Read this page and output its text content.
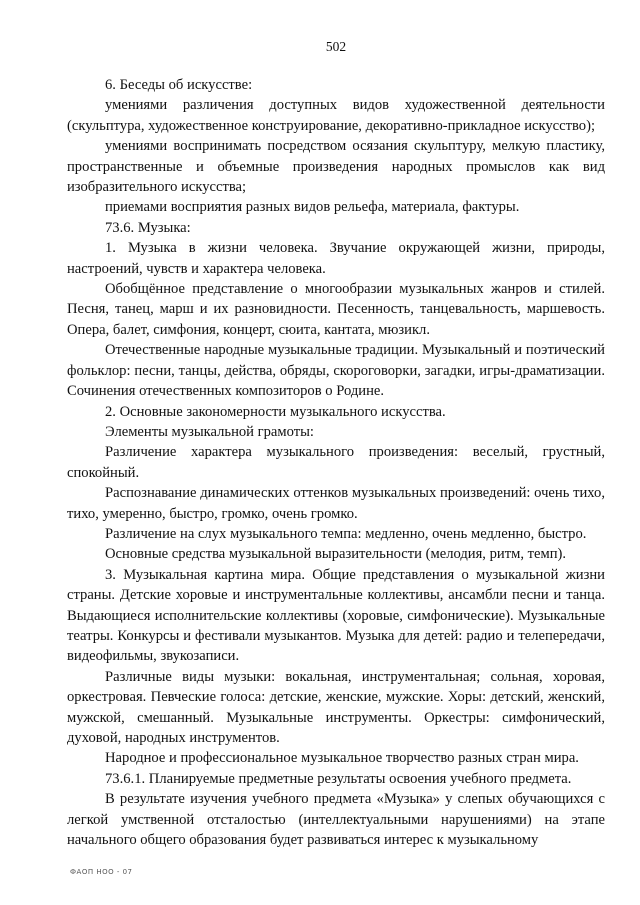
502

6. Беседы об искусстве:

умениями различения доступных видов художественной деятельности (скульптура, художественное конструирование, декоративно-прикладное искусство);

умениями воспринимать посредством осязания скульптуру, мелкую пластику, пространственные и объемные произведения народных промыслов как вид изобразительного искусства;

приемами восприятия разных видов рельефа, материала, фактуры.

73.6. Музыка:

1. Музыка в жизни человека. Звучание окружающей жизни, природы, настроений, чувств и характера человека.

Обобщённое представление о многообразии музыкальных жанров и стилей. Песня, танец, марш и их разновидности. Песенность, танцевальность, маршевость. Опера, балет, симфония, концерт, сюита, кантата, мюзикл.

Отечественные народные музыкальные традиции. Музыкальный и поэтический фольклор: песни, танцы, действа, обряды, скороговорки, загадки, игры-драматизации. Сочинения отечественных композиторов о Родине.

2. Основные закономерности музыкального искусства.

Элементы музыкальной грамоты:

Различение характера музыкального произведения: веселый, грустный, спокойный.

Распознавание динамических оттенков музыкальных произведений: очень тихо, тихо, умеренно, быстро, громко, очень громко.

Различение на слух музыкального темпа: медленно, очень медленно, быстро.

Основные средства музыкальной выразительности (мелодия, ритм, темп).

3. Музыкальная картина мира. Общие представления о музыкальной жизни страны. Детские хоровые и инструментальные коллективы, ансамбли песни и танца. Выдающиеся исполнительские коллективы (хоровые, симфонические). Музыкальные театры. Конкурсы и фестивали музыкантов. Музыка для детей: радио и телепередачи, видеофильмы, звукозаписи.

Различные виды музыки: вокальная, инструментальная; сольная, хоровая, оркестровая. Певческие голоса: детские, женские, мужские. Хоры: детский, женский, мужской, смешанный. Музыкальные инструменты. Оркестры: симфонический, духовой, народных инструментов.

Народное и профессиональное музыкальное творчество разных стран мира.

73.6.1. Планируемые предметные результаты освоения учебного предмета.

В результате изучения учебного предмета «Музыка» у слепых обучающихся с легкой умственной отсталостью (интеллектуальными нарушениями) на этапе начального общего образования будет развиваться интерес к музыкальному

ФАОП НОО - 07
